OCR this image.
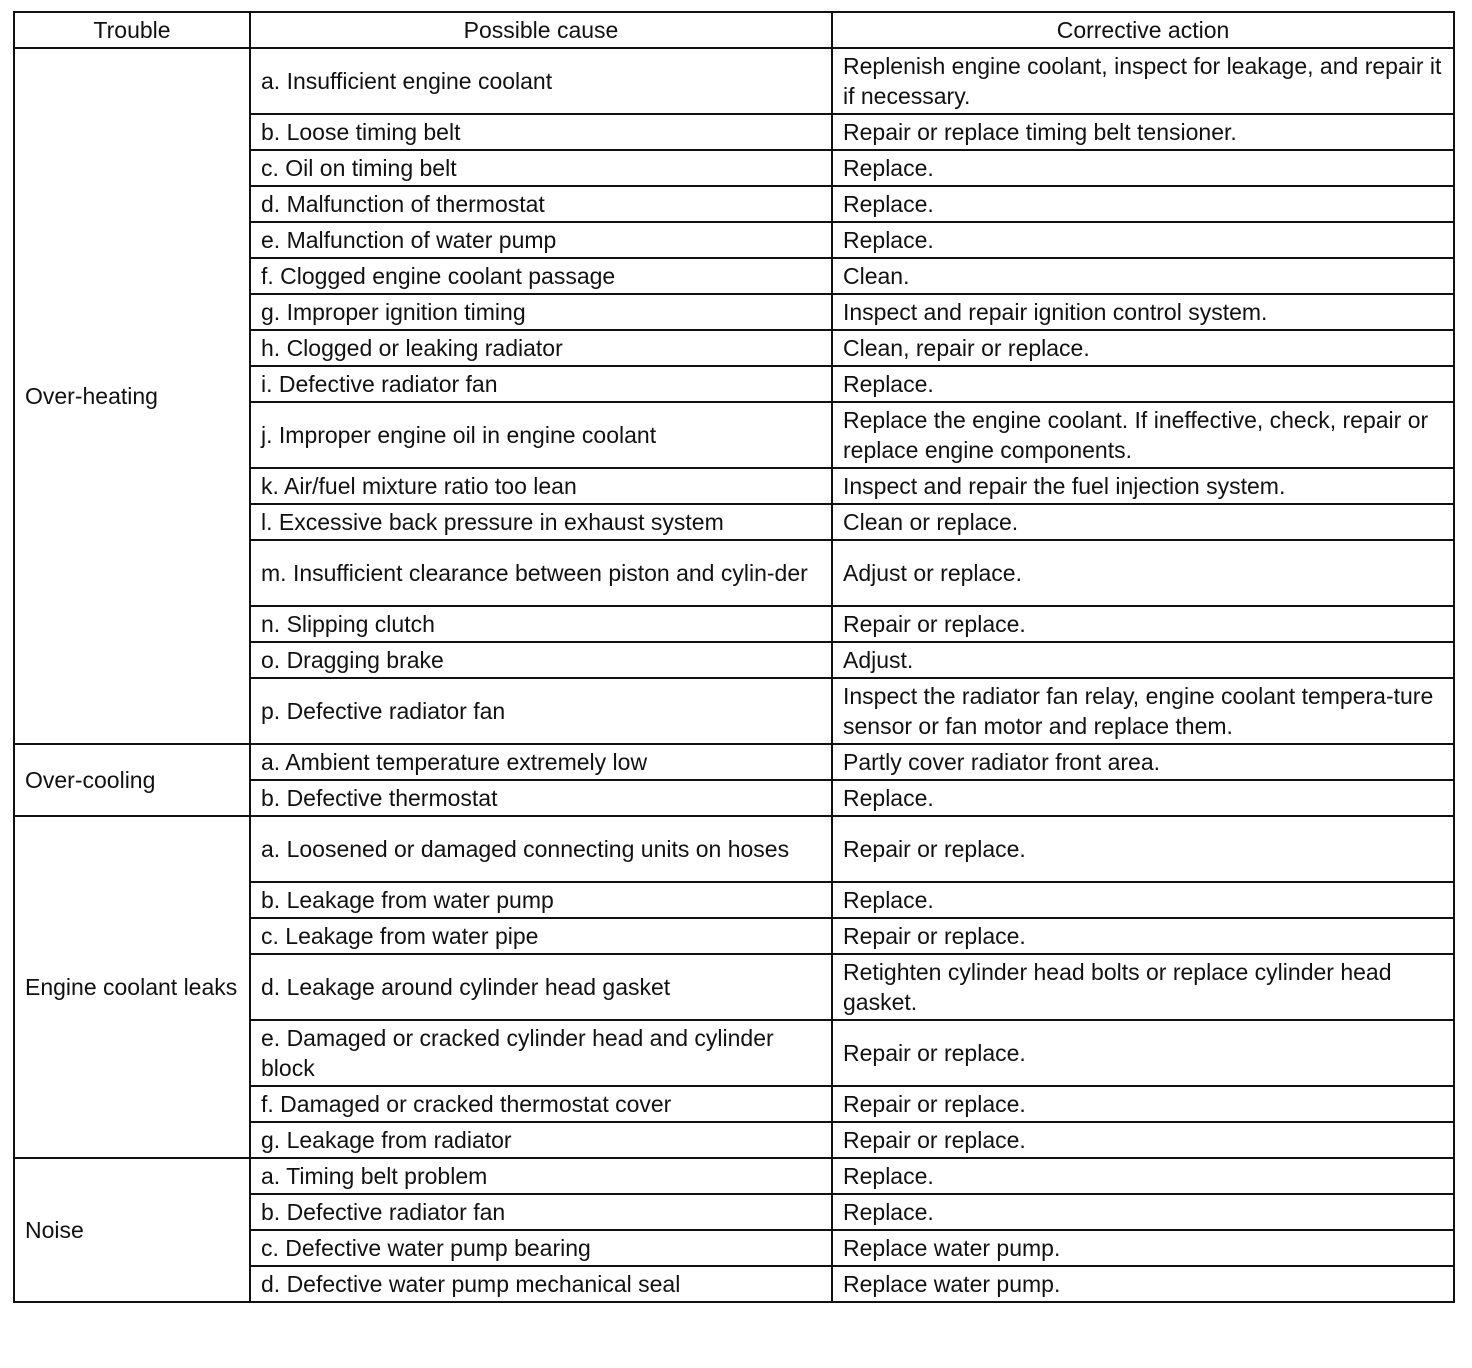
Trouble	Possible cause	Corrective action
Over-heating	a. Insufficient engine coolant	Replenish engine coolant, inspect for leakage, and repair it if necessary.
	b. Loose timing belt	Repair or replace timing belt tensioner.
	c. Oil on timing belt	Replace.
	d. Malfunction of thermostat	Replace.
	e. Malfunction of water pump	Replace.
	f. Clogged engine coolant passage	Clean.
	g. Improper ignition timing	Inspect and repair ignition control system.
	h. Clogged or leaking radiator	Clean, repair or replace.
	i. Defective radiator fan	Replace.
	j. Improper engine oil in engine coolant	Replace the engine coolant. If ineffective, check, repair or replace engine components.
	k. Air/fuel mixture ratio too lean	Inspect and repair the fuel injection system.
	l. Excessive back pressure in exhaust system	Clean or replace.
	m. Insufficient clearance between piston and cylin-der	Adjust or replace.
	n. Slipping clutch	Repair or replace.
	o. Dragging brake	Adjust.
	p. Defective radiator fan	Inspect the radiator fan relay, engine coolant tempera-ture sensor or fan motor and replace them.
Over-cooling	a. Ambient temperature extremely low	Partly cover radiator front area.
	b. Defective thermostat	Replace.
Engine coolant leaks	a. Loosened or damaged connecting units on hoses	Repair or replace.
	b. Leakage from water pump	Replace.
	c. Leakage from water pipe	Repair or replace.
	d. Leakage around cylinder head gasket	Retighten cylinder head bolts or replace cylinder head gasket.
	e. Damaged or cracked cylinder head and cylinder block	Repair or replace.
	f. Damaged or cracked thermostat cover	Repair or replace.
	g. Leakage from radiator	Repair or replace.
Noise	a. Timing belt problem	Replace.
	b. Defective radiator fan	Replace.
	c. Defective water pump bearing	Replace water pump.
	d. Defective water pump mechanical seal	Replace water pump.
